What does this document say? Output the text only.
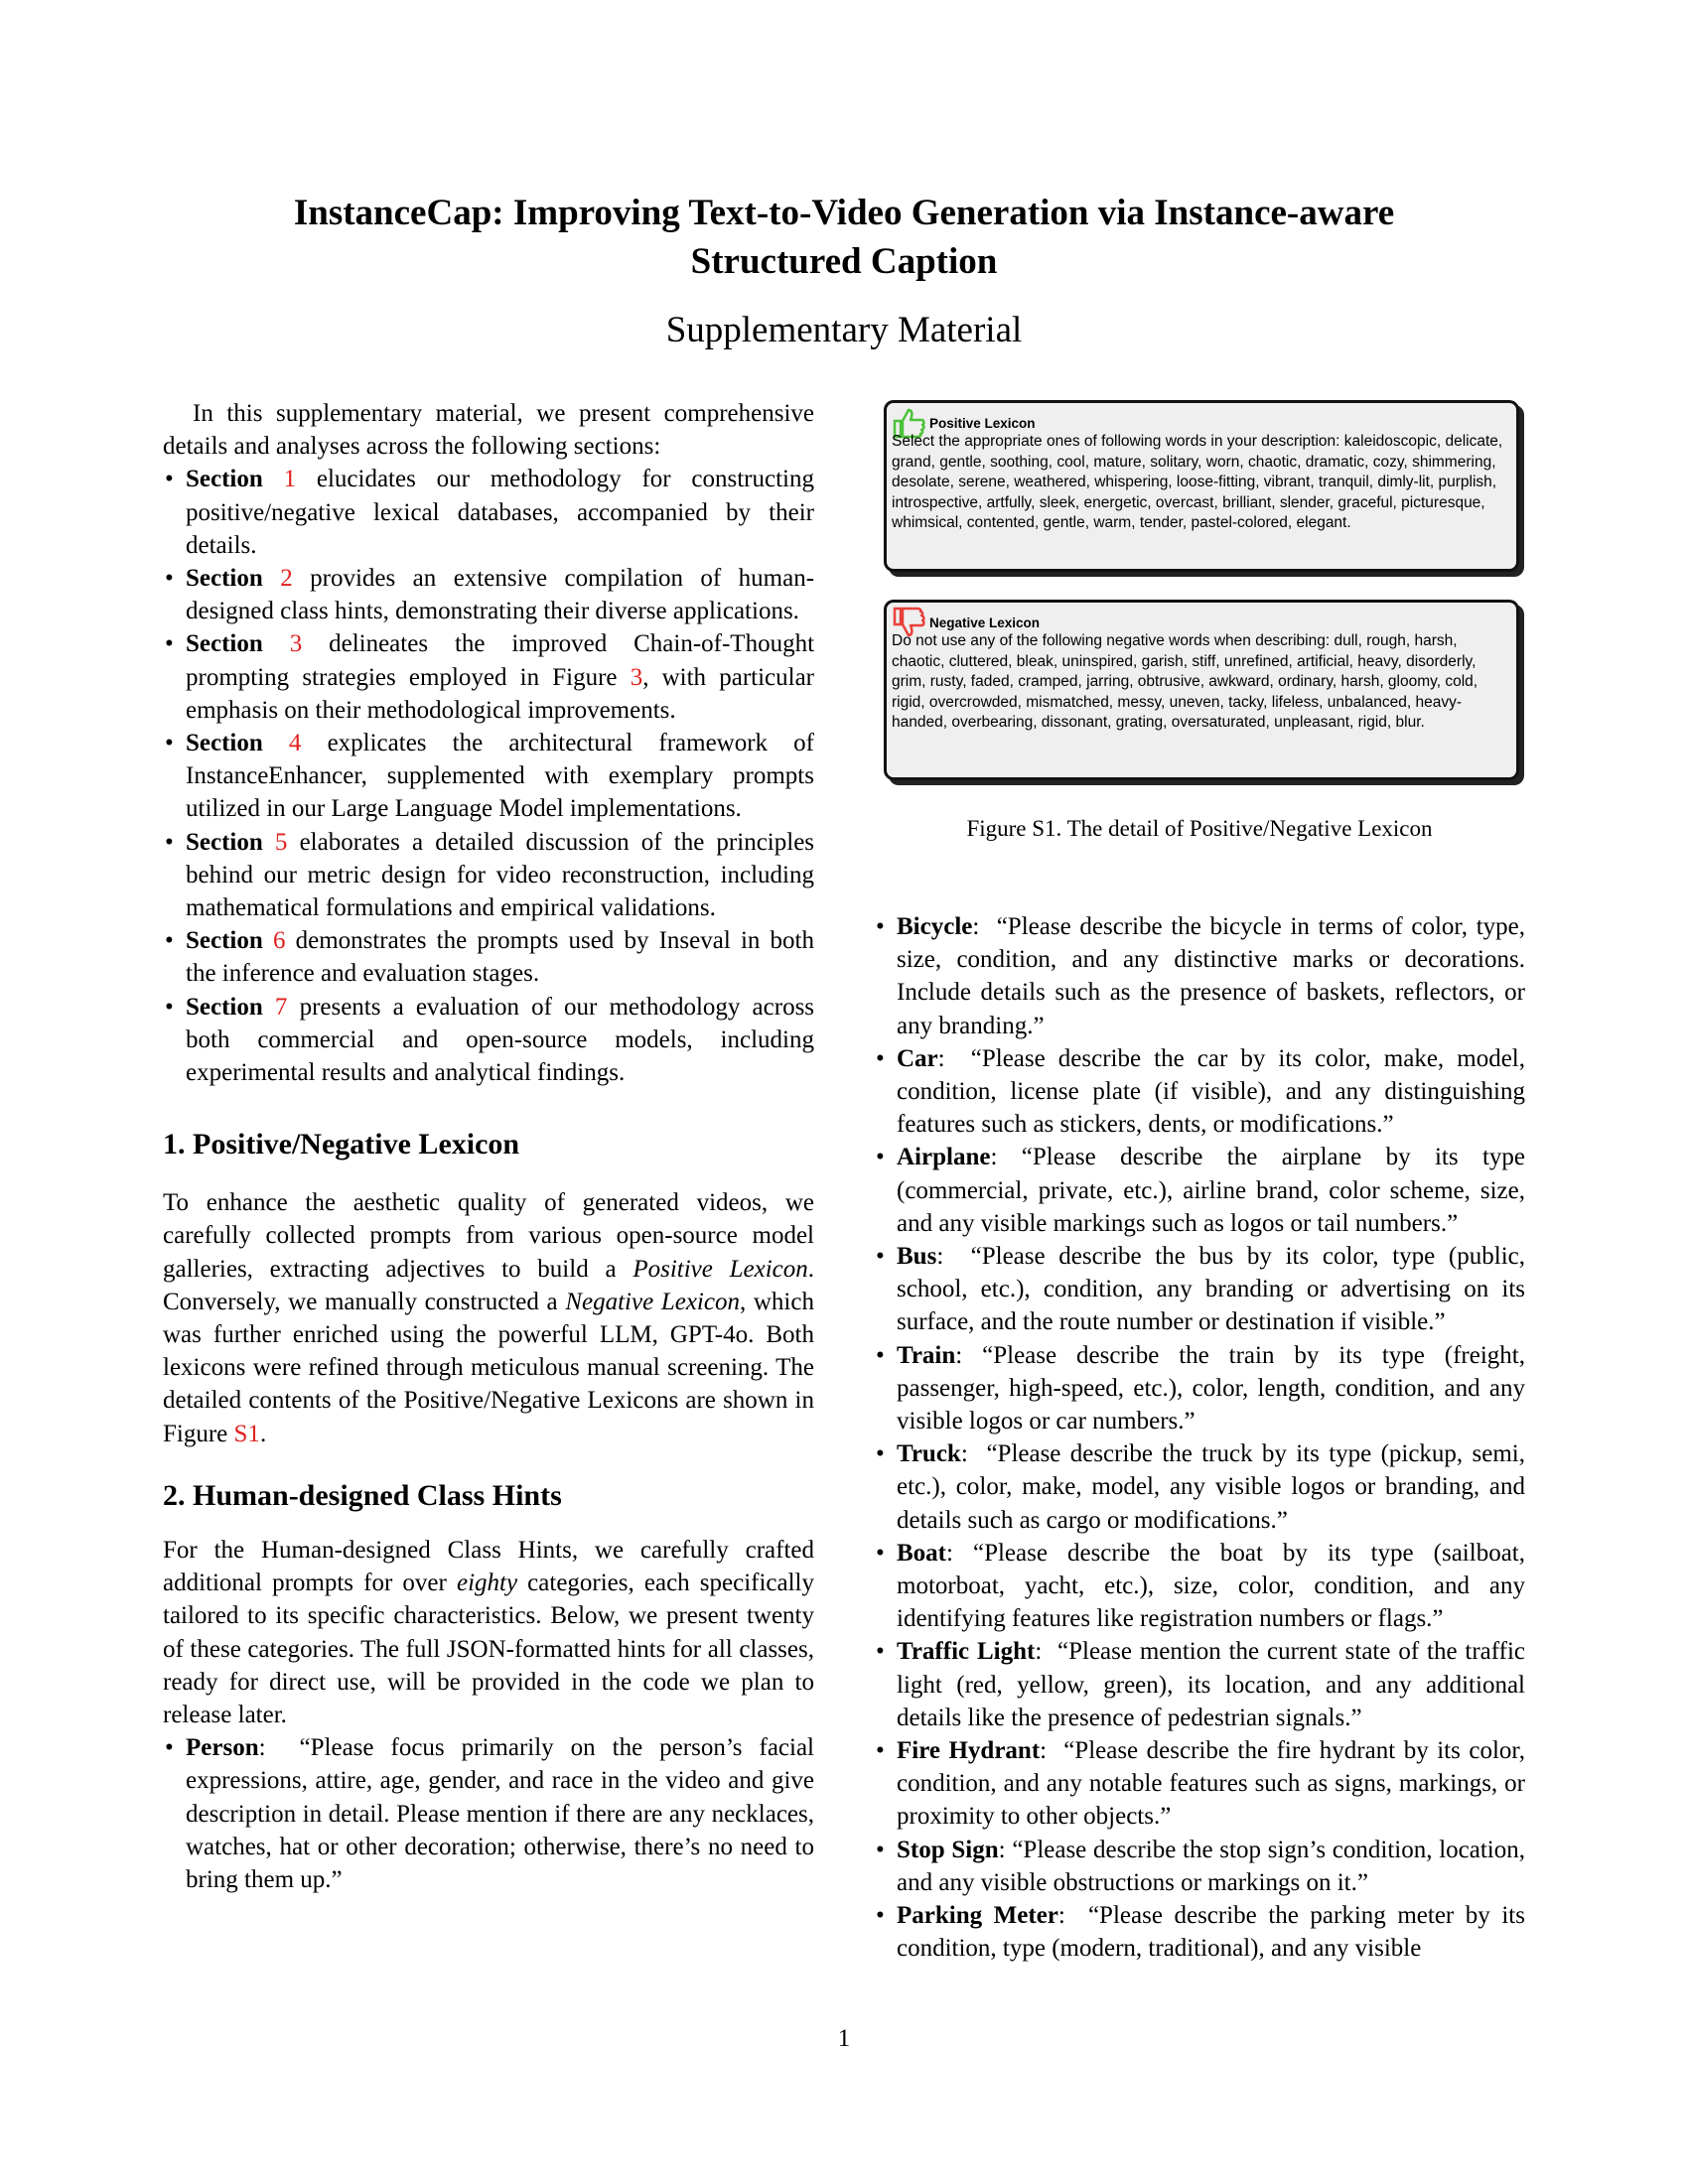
InstanceCap: Improving Text-to-Video Generation via Instance-aware
Structured Caption
Supplementary Material

In this supplementary material, we present comprehensive details and analyses across the following sections:

• Section 1 elucidates our methodology for constructing positive/negative lexical databases, accompanied by their details.
• Section 2 provides an extensive compilation of human-designed class hints, demonstrating their diverse applications.
• Section 3 delineates the improved Chain-of-Thought prompting strategies employed in Figure 3, with particular emphasis on their methodological improvements.
• Section 4 explicates the architectural framework of InstanceEnhancer, supplemented with exemplary prompts utilized in our Large Language Model implementations.
• Section 5 elaborates a detailed discussion of the principles behind our metric design for video reconstruction, including mathematical formulations and empirical validations.
• Section 6 demonstrates the prompts used by Inseval in both the inference and evaluation stages.
• Section 7 presents a evaluation of our methodology across both commercial and open-source models, including experimental results and analytical findings.
1. Positive/Negative Lexicon

To enhance the aesthetic quality of generated videos, we carefully collected prompts from various open-source model galleries, extracting adjectives to build a Positive Lexicon. Conversely, we manually constructed a Negative Lexicon, which was further enriched using the powerful LLM, GPT-4o. Both lexicons were refined through meticulous manual screening. The detailed contents of the Positive/Negative Lexicons are shown in Figure S1.

2. Human-designed Class Hints

For the Human-designed Class Hints, we carefully crafted additional prompts for over eighty categories, each specifically tailored to its specific characteristics. Below, we present twenty of these categories. The full JSON-formatted hints for all classes, ready for direct use, will be provided in the code we plan to release later.

• Person:  “Please focus primarily on the person’s facial expressions, attire, age, gender, and race in the video and give description in detail. Please mention if there are any necklaces, watches, hat or other decoration; otherwise, there’s no need to bring them up.”
Positive Lexicon
Select the appropriate ones of following words in your description: kaleidoscopic, delicate, grand, gentle, soothing, cool, mature, solitary, worn, chaotic, dramatic, cozy, shimmering, desolate, serene, weathered, whispering, loose-fitting, vibrant, tranquil, dimly-lit, purplish, introspective, artfully, sleek, energetic, overcast, brilliant, slender, graceful, picturesque, whimsical, contented, gentle, warm, tender, pastel-colored, elegant.
Negative Lexicon
Do not use any of the following negative words when describing: dull, rough, harsh, chaotic, cluttered, bleak, uninspired, garish, stiff, unrefined, artificial, heavy, disorderly, grim, rusty, faded, cramped, jarring, obtrusive, awkward, ordinary, harsh, gloomy, cold, rigid, overcrowded, mismatched, messy, uneven, tacky, lifeless, unbalanced, heavy-handed, overbearing, dissonant, grating, oversaturated, unpleasant, rigid, blur.
Figure S1. The detail of Positive/Negative Lexicon
• Bicycle:  “Please describe the bicycle in terms of color, type, size, condition, and any distinctive marks or decorations. Include details such as the presence of baskets, reflectors, or any branding.”
• Car:  “Please describe the car by its color, make, model, condition, license plate (if visible), and any distinguishing features such as stickers, dents, or modifications.”
• Airplane: “Please describe the airplane by its type (commercial, private, etc.), airline brand, color scheme, size, and any visible markings such as logos or tail numbers.”
• Bus:  “Please describe the bus by its color, type (public, school, etc.), condition, any branding or advertising on its surface, and the route number or destination if visible.”
• Train: “Please describe the train by its type (freight, passenger, high-speed, etc.), color, length, condition, and any visible logos or car numbers.”
• Truck:  “Please describe the truck by its type (pickup, semi, etc.), color, make, model, any visible logos or branding, and details such as cargo or modifications.”
• Boat: “Please describe the boat by its type (sailboat, motorboat, yacht, etc.), size, color, condition, and any identifying features like registration numbers or flags.”
• Traffic Light:  “Please mention the current state of the traffic light (red, yellow, green), its location, and any additional details like the presence of pedestrian signals.”
• Fire Hydrant:  “Please describe the fire hydrant by its color, condition, and any notable features such as signs, markings, or proximity to other objects.”
• Stop Sign: “Please describe the stop sign’s condition, location, and any visible obstructions or markings on it.”
• Parking Meter:  “Please describe the parking meter by its condition, type (modern, traditional), and any visible
1
